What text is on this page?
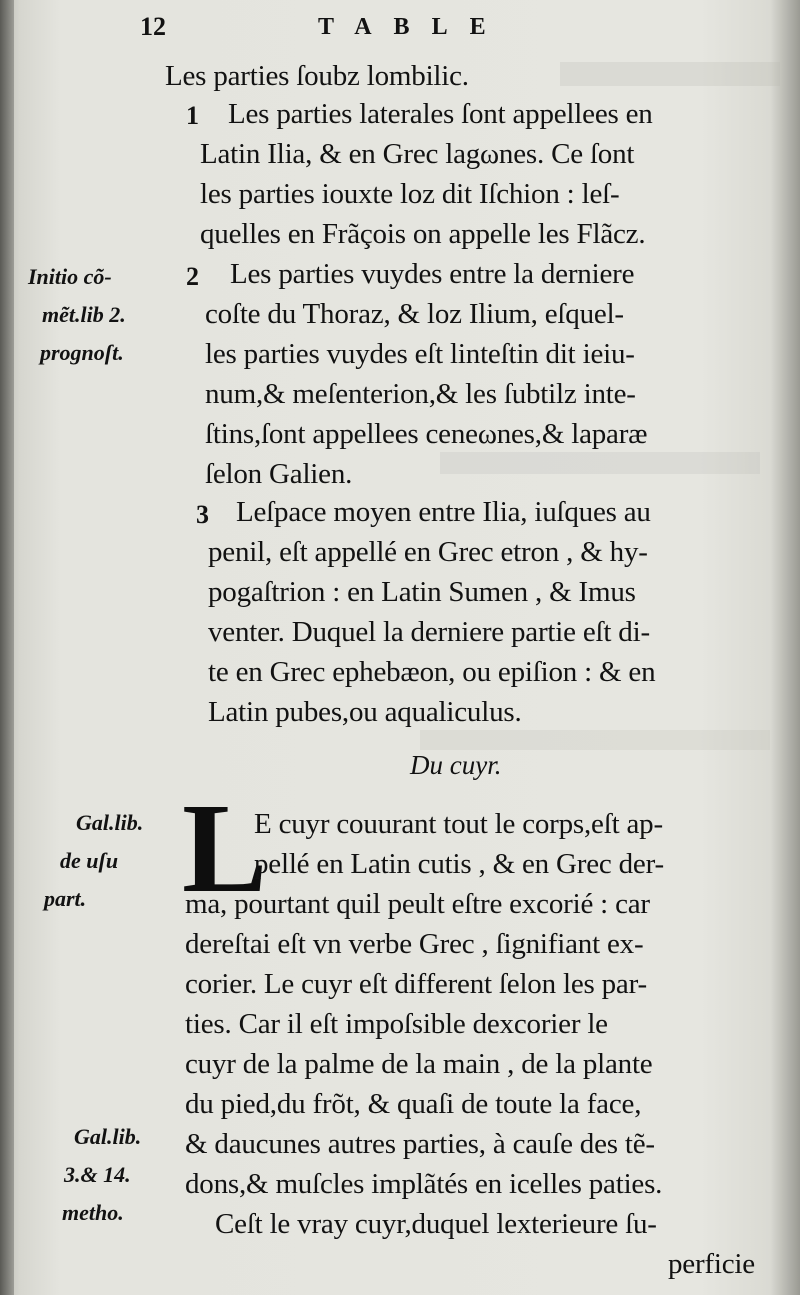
12	TABLE
Les parties ſoubz lombilic.
1 Les parties laterales ſont appellees en
Latin Ilia, & en Grec lagωnes. Ce ſont
les parties iouxte loz dit Iſchion : leſ-
quelles en Frãçois on appelle les Flãcz.
2 Les parties vuydes entre la derniere
coſte du Thoraz, & loz Ilium, eſquel-
les parties vuydes eſt linteſtin dit ieiu-
num,& meſenterion,& les ſubtilz inte-
ſtins,ſont appellees ceneωnes,& laparæ
ſelon Galien.
3 Leſpace moyen entre Ilia, iuſques au
penil, eſt appellé en Grec etron , & hy-
pogaſtrion : en Latin Sumen , & Imus
venter. Duquel la derniere partie eſt di-
te en Grec ephebæon, ou epiſion : & en
Latin pubes,ou aqualiculus.
Du cuyr.
L
E cuyr couurant tout le corps,eſt ap-
pellé en Latin cutis , & en Grec der-
ma, pourtant quil peult eſtre excorié : car
dereſtai eſt vn verbe Grec , ſignifiant ex-
corier. Le cuyr eſt different ſelon les par-
ties. Car il eſt impoſsible dexcorier le
cuyr de la palme de la main , de la plante
du pied,du frõt, & quaſi de toute la face,
& daucunes autres parties, à cauſe des tẽ-
dons,& muſcles implãtés en icelles paties.
Ceſt le vray cuyr,duquel lexterieure ſu-
perficie
Initio cõ-
mẽt.lib 2.
prognoſt.
Gal.lib.
de uſu
part.
Gal.lib.
3.& 14.
metho.
